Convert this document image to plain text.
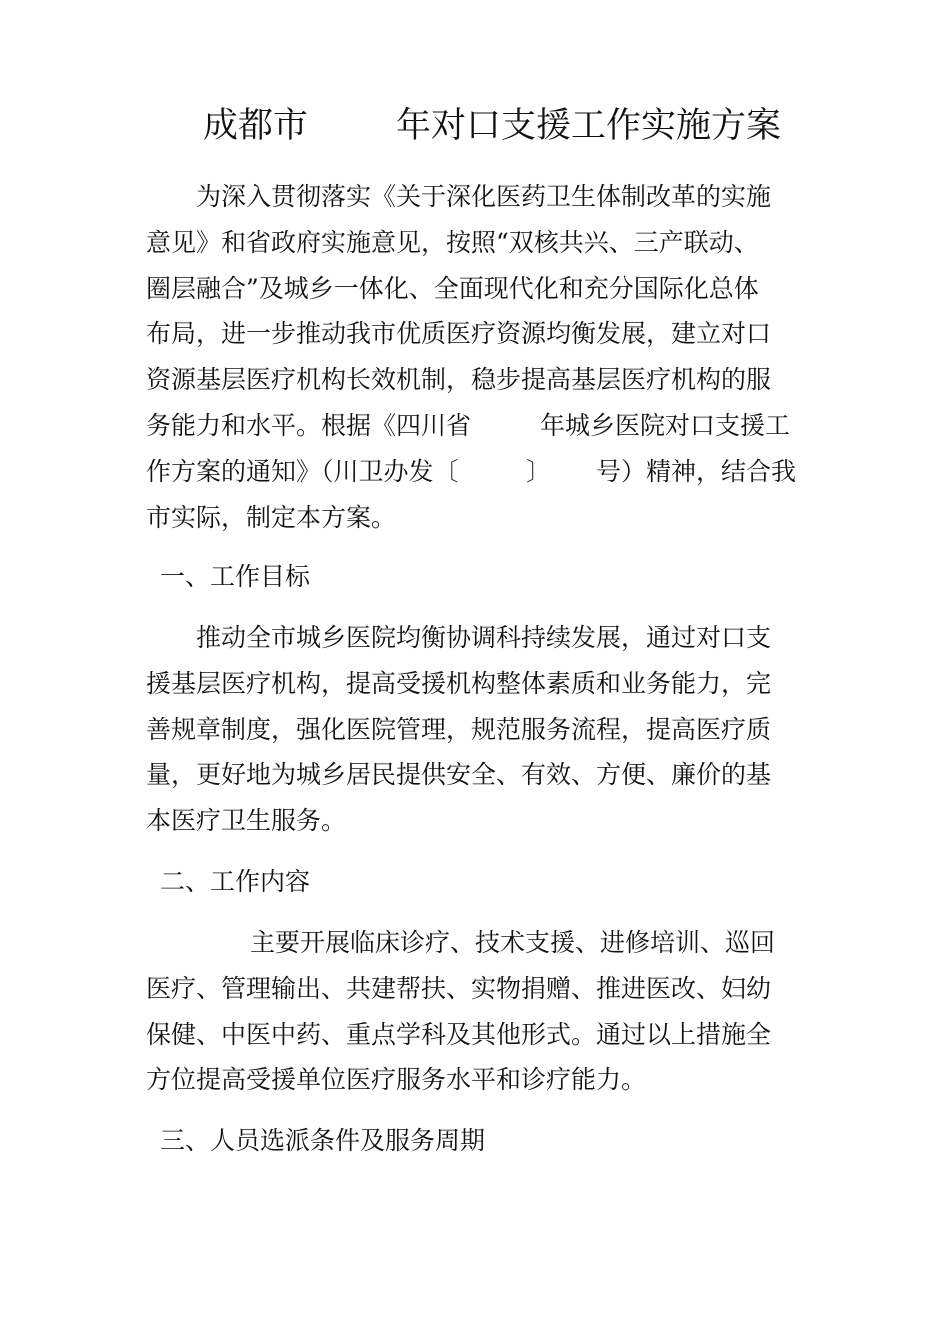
成都市	年对口支援工作实施方案
为深入贯彻落实《关于深化医药卫生体制改革的实施
意见》和省政府实施意见，按照“双核共兴、三产联动、
圈层融合”及城乡一体化、全面现代化和充分国际化总体
布局，进一步推动我市优质医疗资源均衡发展，建立对口
资源基层医疗机构长效机制，稳步提高基层医疗机构的服
务能力和水平。根据《四川省	年城乡医院对口支援工
作方案的通知》（川卫办发〔	〕 号）精神，结合我
市实际，制定本方案。
一、工作目标
推动全市城乡医院均衡协调科持续发展，通过对口支
援基层医疗机构，提高受援机构整体素质和业务能力，完
善规章制度，强化医院管理，规范服务流程，提高医疗质
量，更好地为城乡居民提供安全、有效、方便、廉价的基
本医疗卫生服务。
二、工作内容
主要开展临床诊疗、技术支援、进修培训、巡回
医疗、管理输出、共建帮扶、实物捐赠、推进医改、妇幼
保健、中医中药、重点学科及其他形式。通过以上措施全
方位提高受援单位医疗服务水平和诊疗能力。
三、人员选派条件及服务周期
